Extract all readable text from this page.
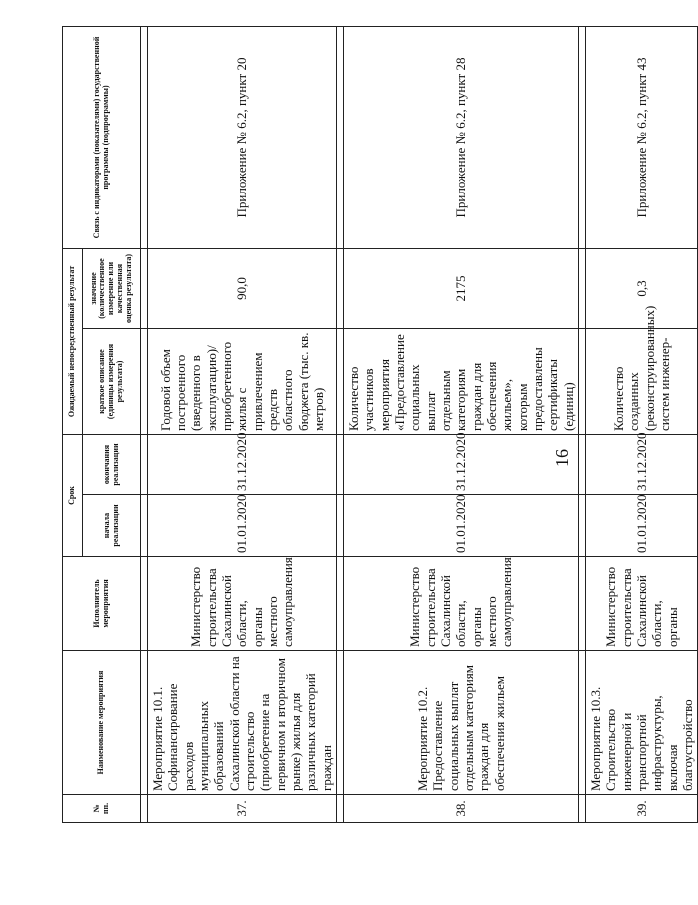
16
№ пп.	Наименование мероприятия	Исполнитель мероприятия	Срок		Ожидаемый непосредственный результат		Связь с индикаторами (показателями) государственной программы (подпрограммы)
			начала реализации	окончания реализации	краткое описание (единицы измерения результата)	значение (количественное измерение или качественная оценка результата)	

37.	Мероприятие 10.1. Софинансирование расходов муниципальных образований Сахалинской области на строительство (приобретение на первичном и вторичном рынке) жилья для различных категорий граждан	Министерство строительства Сахалинской области, органы местного самоуправления	01.01.2020	31.12.2020	Годовой объем построенного (введенного в эксплуатацию)/ приобретенного жилья с привлечением средств областного бюджета (тыс. кв. метров)	90,0	Приложение № 6.2, пункт 20

38.	Мероприятие 10.2. Предоставление социальных выплат отдельным категориям граждан для обеспечения жильем	Министерство строительства Сахалинской области, органы местного самоуправления	01.01.2020	31.12.2020	Количество участников мероприятия «Предоставление социальных выплат отдельным категориям граждан для обеспечения жильем», которым предоставлены сертификаты (единиц)	2175	Приложение № 6.2, пункт 28

39.	Мероприятие 10.3. Строительство инженерной и транспортной инфраструктуры, включая благоустройство	Министерство строительства Сахалинской области, органы	01.01.2020	31.12.2020	Количество созданных (реконструированных) систем инженер-	0,3	Приложение № 6.2, пункт 43
